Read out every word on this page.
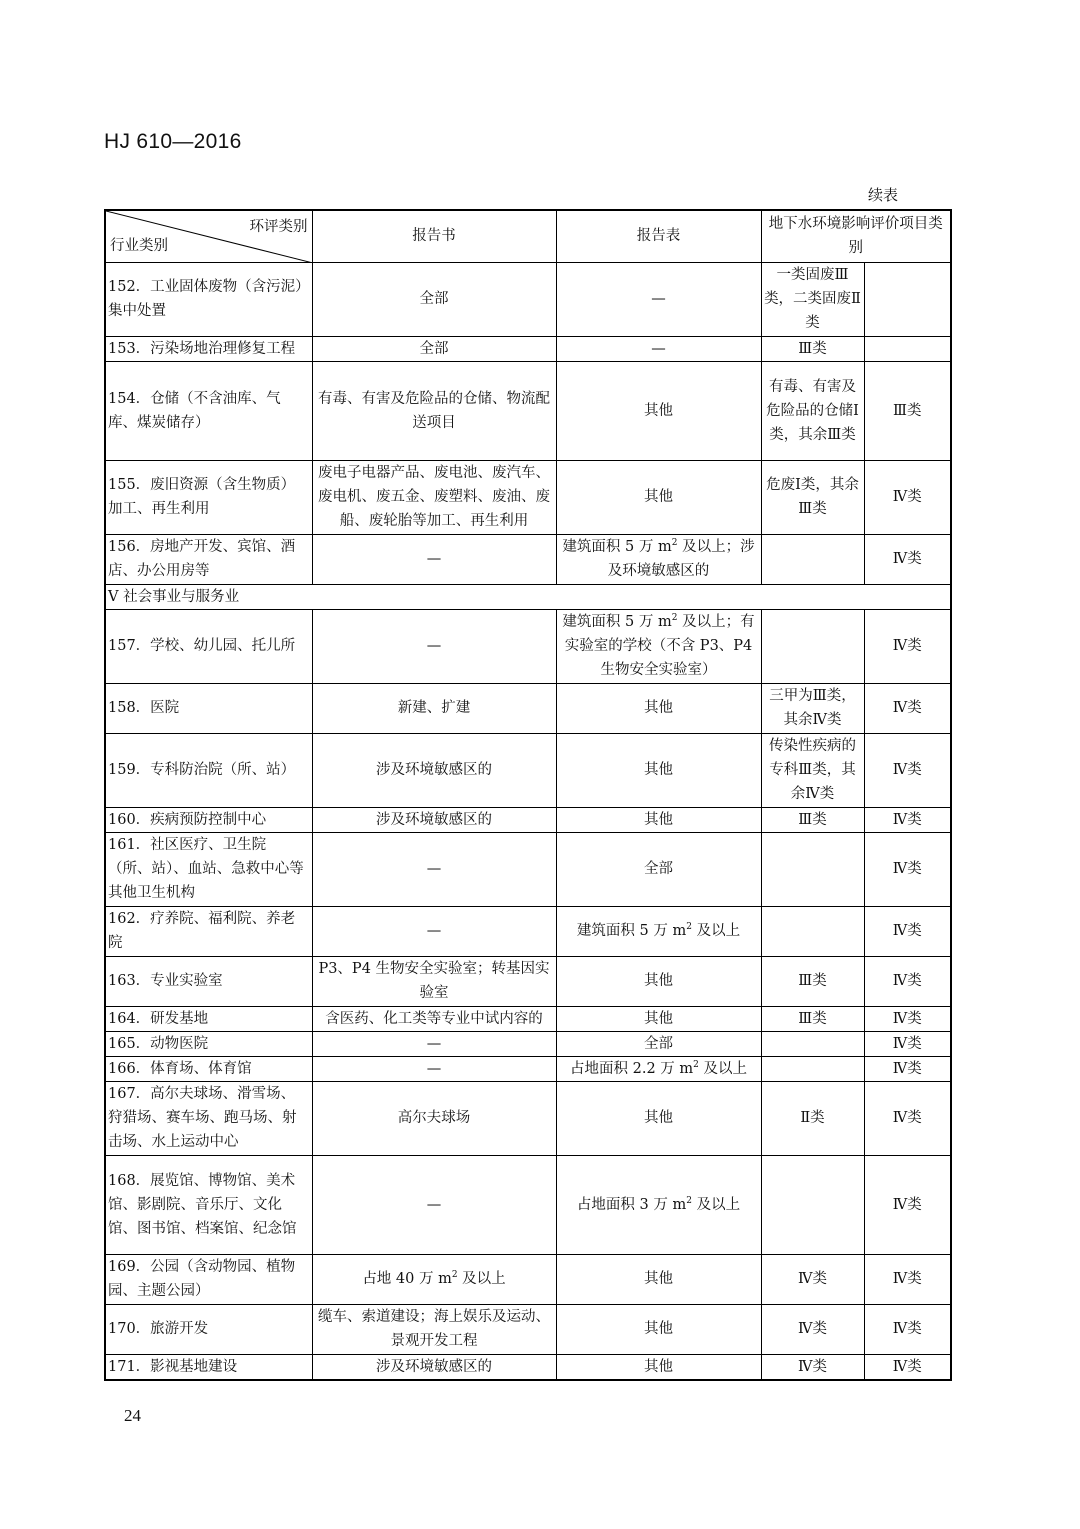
HJ 610—2016
续表
环评类别
行业类别	报告书	报告表	地下水环境影响评价项目类别	
152．工业固体废物（含污泥）集中处置	全部	—	一类固废Ⅲ类，二类固废Ⅱ类	
153．污染场地治理修复工程	全部	—	Ⅲ类	
154．仓储（不含油库、气库、煤炭储存）	有毒、有害及危险品的仓储、物流配送项目	其他	有毒、有害及危险品的仓储Ⅰ类，其余Ⅲ类	Ⅲ类
155．废旧资源（含生物质）加工、再生利用	废电子电器产品、废电池、废汽车、废电机、废五金、废塑料、废油、废船、废轮胎等加工、再生利用	其他	危废Ⅰ类，其余Ⅲ类	Ⅳ类
156．房地产开发、宾馆、酒店、办公用房等	—	建筑面积 5 万 $m^2$ 及以上；涉及环境敏感区的		Ⅳ类
Ⅴ 社会事业与服务业				
157．学校、幼儿园、托儿所	—	建筑面积 5 万 $m^2$ 及以上；有实验室的学校（不含 P3、P4 生物安全实验室）		Ⅳ类
158．医院	新建、扩建	其他	三甲为Ⅲ类，其余Ⅳ类	Ⅳ类
159．专科防治院（所、站）	涉及环境敏感区的	其他	传染性疾病的专科Ⅲ类，其余Ⅳ类	Ⅳ类
160．疾病预防控制中心	涉及环境敏感区的	其他	Ⅲ类	Ⅳ类
161．社区医疗、卫生院（所、站）、血站、急救中心等其他卫生机构	—	全部		Ⅳ类
162．疗养院、福利院、养老院	—	建筑面积 5 万 $m^2$ 及以上		Ⅳ类
163．专业实验室	P3、P4 生物安全实验室；转基因实验室	其他	Ⅲ类	Ⅳ类
164．研发基地	含医药、化工类等专业中试内容的	其他	Ⅲ类	Ⅳ类
165．动物医院	—	全部		Ⅳ类
166．体育场、体育馆	—	占地面积 2.2 万 $m^2$ 及以上		Ⅳ类
167．高尔夫球场、滑雪场、狩猎场、赛车场、跑马场、射击场、水上运动中心	高尔夫球场	其他	Ⅱ类	Ⅳ类
168．展览馆、博物馆、美术馆、影剧院、音乐厅、文化馆、图书馆、档案馆、纪念馆	—	占地面积 3 万 $m^2$ 及以上		Ⅳ类
169．公园（含动物园、植物园、主题公园）	占地 40 万 $m^2$ 及以上	其他	Ⅳ类	Ⅳ类
170．旅游开发	缆车、索道建设；海上娱乐及运动、景观开发工程	其他	Ⅳ类	Ⅳ类
171．影视基地建设	涉及环境敏感区的	其他	Ⅳ类	Ⅳ类
24
